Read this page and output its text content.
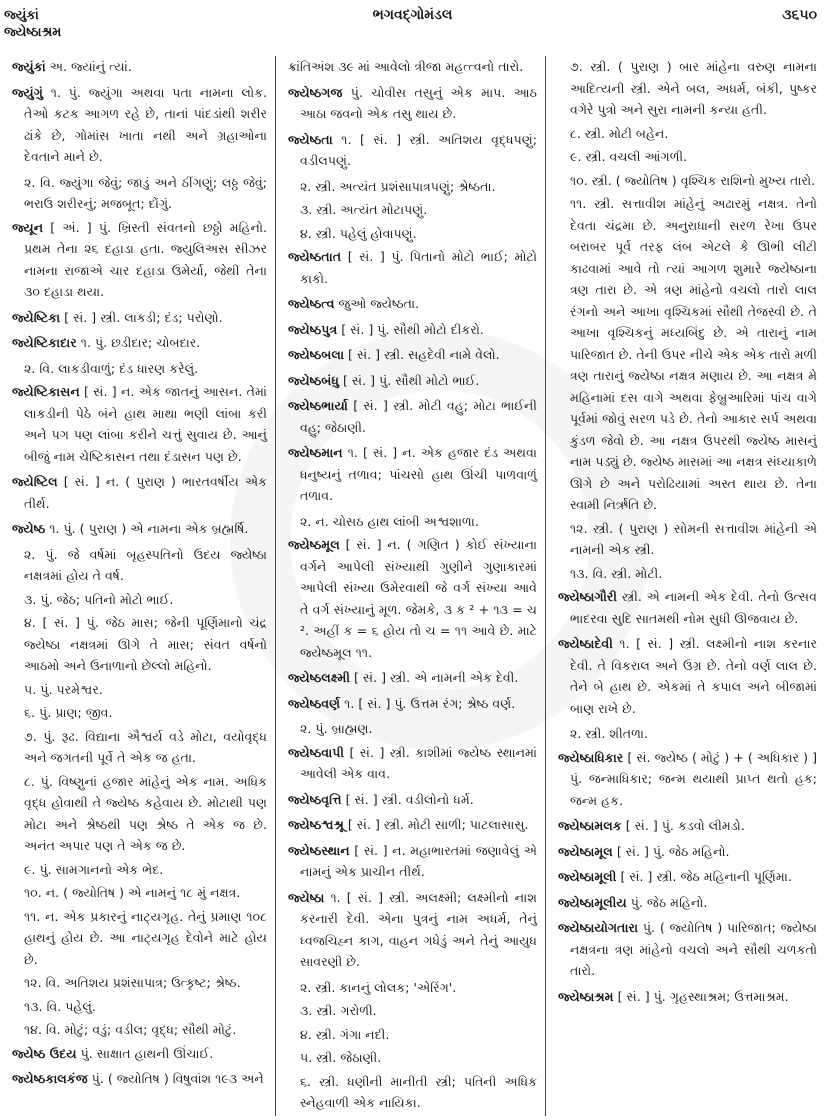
જ્યુંકાં
જ્યેષ્ઠાશ્રમ
ભગવદ્ગોમંડલ	૩૬૫૦
જ્યુંકાં અ. જ્યાંનું ત્યાં.
જ્યુંગું ૧. પું. જ્યુંગા અથવા પતા નામના લોક. તેઓ કટક આગળ રહે છે, તાનાં પાંદડાંથી શરીર ઢાંકે છે, ગોમાંસ ખાતા નથી અને ગ્રહાઓના દેવતાને માને છે.
૨. વિ. જ્યુંગા જેવું; જાડું અને ઠીંગણું; લઠ્ઠ જેવું; ભરાઉ શરીરનું; મજબૂત; દોંગું.
જ્યૂન [ અં. ] પું. ખ્રિસ્તી સંવતનો છઠ્ઠો મહિનો. પ્રથમ તેના ૨૬ દહાડા હતા. જ્યુલિઅસ સીઝર નામના રાજાએ ચાર દહાડા ઉમેર્યા, જેથી તેના ૩૦ દહાડા થયા.
જ્યેષ્ટિકા [ સં. ] સ્ત્રી. લાકડી; દંડ; પરોણો.
જ્યેષ્ટિકાદાર ૧. પું. છડીદાર; ચોબદાર.
૨. વિ. લાકડીવાળું; દંડ ધારણ કરેલું.
જ્યેષ્ટિકાસન [ સં. ] ન. એક જાતનું આસન. તેમાં લાકડીની પેઠે બંને હાથ માથા ભણી લાંબા કરી અને પગ પણ લાંબા કરીને ચત્તું સુવાય છે. આનું બીજું નામ ચેષ્ટિકાસન તથા દંડાસન પણ છે.
જ્યેષ્ટિલ [ સં. ] ન. ( પુરાણ ) ભારતવર્ષીય એક તીર્થ.
જ્યેષ્ઠ ૧. પું. ( પુરાણ ) એ નામના એક બ્રહ્મર્ષિ.
૨. પું. જે વર્ષમાં બૃહસ્પતિનો ઉદય જ્યેષ્ઠા નક્ષત્રમાં હોય તે વર્ષ.
૩. પું. જેઠ; પતિનો મોટો ભાઈ.
૪. [ સં. ] પું. જેઠ માસ; જેની પૂર્ણિમાનો ચંદ્ર જ્યેષ્ઠા નક્ષત્રમાં ઊગે તે માસ; સંવત વર્ષનો આઠમો અને ઉનાળાનો છેલ્લો મહિનો.
૫. પું. પરમેશ્વર.
૬. પું. પ્રાણ; જીવ.
૭. પું. રૂઢ. વિદ્યાના ઐશ્વર્ય વડે મોટા, વયોવૃદ્ધ અને જગતની પૂર્વે તે એક જ હતા.
૮. પું. વિષ્ણુનાં હજાર માંહેનું એક નામ. અધિક વૃદ્ધ હોવાથી તે જ્યેષ્ઠ કહેવાય છે. મોટાથી પણ મોટા અને શ્રેષ્ઠથી પણ શ્રેષ્ઠ તે એક જ છે. અનંત અપાર પણ તે એક જ છે.
૯. પું. સામગાનનો એક ભેદ.
૧૦. ન. ( જ્યોતિષ ) એ નામનું ૧૮ મું નક્ષત્ર.
૧૧. ન. એક પ્રકારનું નાટ્યગૃહ. તેનું પ્રમાણ ૧૦૮ હાથનું હોય છે. આ નાટ્યગૃહ દેવોને માટે હોય છે.
૧૨. વિ. અતિશય પ્રશંસાપાત્ર; ઉત્કૃષ્ટ; શ્રેષ્ઠ.
૧૩. વિ. પહેલું.
૧૪. વિ. મોટું; વડું; વડીલ; વૃદ્ધ; સૌથી મોટું.
જ્યેષ્ઠ ઉદય પું. સાક્ષાત હાથની ઊંચાઈ.
જ્યેષ્ઠકાલકંજ પું. ( જ્યોતિષ ) વિષુવાંશ ૧૯૩ અને
ક્રાંતિઅંશ ૩૯ માં આવેલો ત્રીજા મહત્ત્વનો તારો.
જ્યેષ્ઠગજ પું. ચોવીસ તસુનું એક માપ. આઠ આઠા જવનો એક તસુ થાય છે.
જ્યેષ્ઠતા ૧. [ સં. ] સ્ત્રી. અતિશય વૃદ્ધપણું; વડીલપણું.
૨. સ્ત્રી. અત્યંત પ્રશંસાપાત્રપણું; શ્રેષ્ઠતા.
૩. સ્ત્રી. અત્યંત મોટાપણું.
૪. સ્ત્રી. પહેલું હોવાપણું.
જ્યેષ્ઠતાત [ સં. ] પું. પિતાનો મોટો ભાઈ; મોટો કાકો.
જ્યેષ્ઠત્વ જુઓ જ્યેષ્ઠતા.
જ્યેષ્ઠપુત્ર [ સં. ] પું. સૌથી મોટો દીકરો.
જ્યેષ્ઠબલા [ સં. ] સ્ત્રી. સહદેવી નામે વેલો.
જ્યેષ્ઠબંધુ [ સં. ] પું. સૌથી મોટો ભાઈ.
જ્યેષ્ઠભાર્યા [ સં. ] સ્ત્રી. મોટી વહુ; મોટા ભાઈની વહુ; જેઠાણી.
જ્યેષ્ઠમાન ૧. [ સં. ] ન. એક હજાર દંડ અથવા ધનુષ્યનું તળાવ; પાંચસો હાથ ઊંચી પાળવાળું તળાવ.
૨. ન. ચોસઠ હાથ લાંબી અશ્વશાળા.
જ્યેષ્ઠમૂલ [ સં. ] ન. ( ગણિત ) કોઈ સંખ્યાના વર્ગને આપેલી સંખ્યાથી ગુણીને ગુણાકારમાં આપેલી સંખ્યા ઉમેરવાથી જે વર્ગ સંખ્યા આવે તે વર્ગ સંખ્યાનું મૂળ. જેમકે, ૩ ક ² + ૧૩ = ચ ². અહીં ક = ૬ હોય તો ચ = ૧૧ આવે છે. માટે જ્યેષ્ઠમૂલ ૧૧.
જ્યેષ્ઠલક્ષ્મી [ સં. ] સ્ત્રી. એ નામની એક દેવી.
જ્યેષ્ઠવર્ણ ૧. [ સં. ] પું. ઉત્તમ રંગ; શ્રેષ્ઠ વર્ણ.
૨. પું. બ્રાહ્મણ.
જ્યેષ્ઠવાપી [ સં. ] સ્ત્રી. કાશીમાં જ્યેષ્ઠ સ્થાનમાં આવેલી એક વાવ.
જ્યેષ્ઠવૃત્તિ [ સં. ] સ્ત્રી. વડીલોનો ધર્મ.
જ્યેષ્ઠશ્વશ્રૂ [ સં. ] સ્ત્રી. મોટી સાળી; પાટલાસાસુ.
જ્યેષ્ઠસ્થાન [ સં. ] ન. મહાભારતમાં જણાવેલું એ નામનું એક પ્રાચીન તીર્થ.
જ્યેષ્ઠા ૧. [ સં. ] સ્ત્રી. અલક્ષ્મી; લક્ષ્મીનો નાશ કરનારી દેવી. એના પુત્રનું નામ અધર્મ, તેનું ધ્વજચિહ્ન કાગ, વાહન ગધેડું અને તેનું આયુધ સાવરણી છે.
૨. સ્ત્રી. કાનનું લોલક; 'એરિંગ'.
૩. સ્ત્રી. ગરોળી.
૪. સ્ત્રી. ગંગા નદી.
૫. સ્ત્રી. જેઠાણી.
૬. સ્ત્રી. ધણીની માનીતી સ્ત્રી; પતિની અધિક સ્નેહવાળી એક નાયિકા.
૭. સ્ત્રી. ( પુરાણ ) બાર માંહેના વરુણ નામના આદિત્યની સ્ત્રી. એને બલ, અધર્મ, બંકી, પુષ્કર વગેરે પુત્રો અને સુરા નામની કન્યા હતી.
૮. સ્ત્રી. મોટી બહેન.
૯. સ્ત્રી. વચલી આંગળી.
૧૦. સ્ત્રી. ( જ્યોતિષ ) વૃશ્ચિક રાશિનો મુખ્ય તારો.
૧૧. સ્ત્રી. સત્તાવીશ માંહેનું અઢારમું નક્ષત્ર. તેનો દેવતા ચંદ્રમા છે. અનુરાધાની સરળ રેખા ઉપર બરાબર પૂર્વ તરફ લંબ એટલે કે ઊભી લીટી કાઢવામાં આવે તો ત્યાં આગળ શુમારે જ્યેષ્ઠાના ત્રણ તારા છે. એ ત્રણ માંહેનો વચલો તારો લાલ રંગનો અને આખા વૃશ્ચિકમાં સૌથી તેજસ્વી છે. તે આખા વૃશ્ચિકનું મધ્યબિંદુ છે. એ તારાનું નામ પારિજાત છે. તેની ઉપર નીચે એક એક તારો મળી ત્રણ તારાનું જ્યેષ્ઠા નક્ષત્ર મણાય છે. આ નક્ષત્ર મે મહિનામાં દસ વાગે અથવા ફેબ્રુઆરિમાં પાંચ વાગે પૂર્વમાં જોવું સરળ પડે છે. તેનો આકાર સર્પ અથવા કુંડળ જેવો છે. આ નક્ષત્ર ઉપરથી જ્યેષ્ઠ માસનું નામ પડ્યું છે. જ્યેષ્ઠ માસમાં આ નક્ષત્ર સંધ્યાકાળે ઊગે છે અને પરોઢિયામાં અસ્ત થાય છે. તેના સ્વામી નિર્ઋતિ છે.
૧૨. સ્ત્રી. ( પુરાણ ) સોમની સત્તાવીશ માંહેની એ નામની એક સ્ત્રી.
૧૩. વિ. સ્ત્રી. મોટી.
જ્યેષ્ઠાગૌરી સ્ત્રી. એ નામની એક દેવી. તેનો ઉત્સવ ભાદરવા સુદિ સાતમથી નોમ સુધી ઊજવાય છે.
જ્યેષ્ઠાદેવી ૧. [ સં. ] સ્ત્રી. લક્ષ્મીનો નાશ કરનાર દેવી. તે વિકરાલ અને ઉગ્ર છે. તેનો વર્ણ લાલ છે. તેને બે હાથ છે. એકમાં તે કપાલ અને બીજામાં બાણ રાખે છે.
૨. સ્ત્રી. શીતળા.
જ્યેષ્ઠાધિકાર [ સં. જ્યેષ્ઠ ( મોટું ) + ( અધિકાર ) ] પું. જન્માધિકાર; જન્મ થયાથી પ્રાપ્ત થતો હક; જન્મ હક.
જ્યેષ્ઠામલક [ સં. ] પું. કડવો લીમડો.
જ્યેષ્ઠામૂલ [ સં. ] પું. જેઠ મહિનો.
જ્યેષ્ઠામૂલી [ સં. ] સ્ત્રી. જેઠ મહિનાની પૂર્ણિમા.
જ્યેષ્ઠામૂલીય પું. જેઠ મહિનો.
જ્યેષ્ઠાયોગતારા પું. ( જ્યોતિષ ) પારિજાત; જ્યેષ્ઠા નક્ષત્રના ત્રણ માંહેનો વચલો અને સૌથી ચળકતો તારો.
જ્યેષ્ઠાશ્રમ [ સં. ] પું. ગૃહસ્થાશ્રમ; ઉત્તમાશ્રમ.
